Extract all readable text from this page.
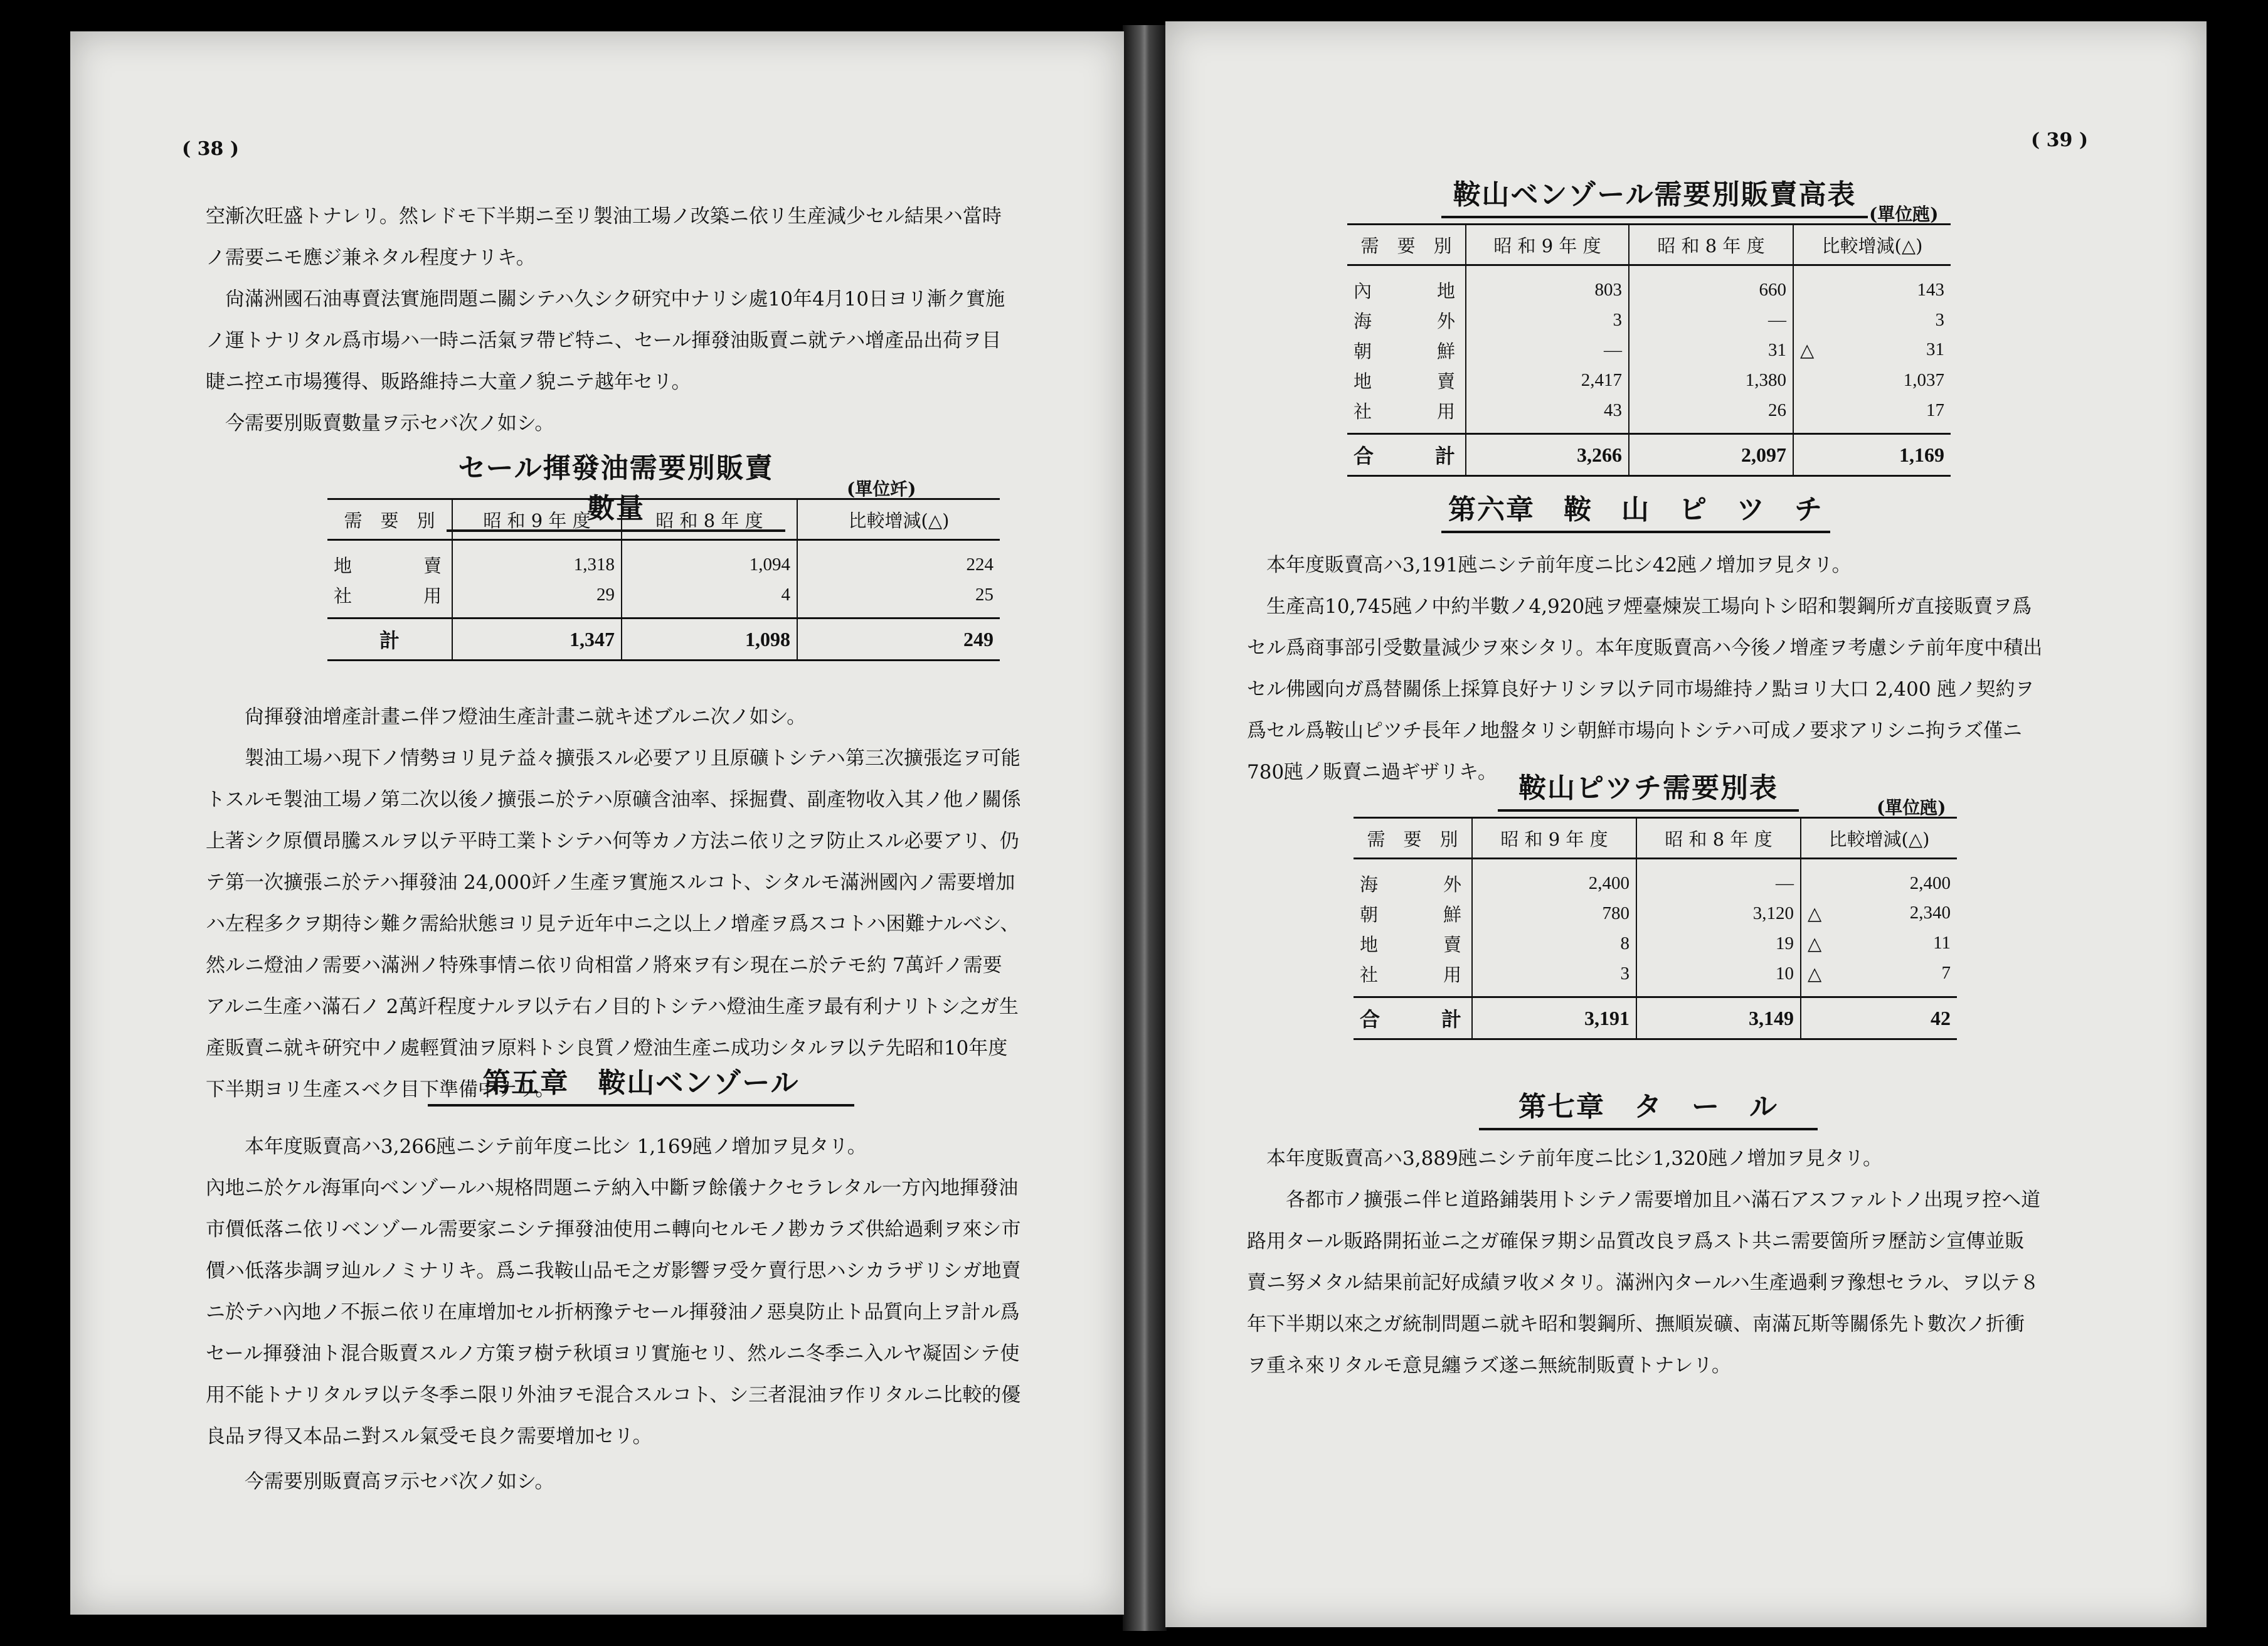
( 38 )

空漸次旺盛トナレリ。然レドモ下半期ニ至リ製油工場ノ改築ニ依リ生産減少セル結果ハ當時ノ需要ニモ應ジ兼ネタル程度ナリキ。

尙滿洲國石油專賣法實施問題ニ關シテハ久シク研究中ナリシ處10年4月10日ヨリ漸ク實施ノ運トナリタル爲市場ハ一時ニ活氣ヲ帶ビ特ニ、セール揮發油販賣ニ就テハ增產品出荷ヲ目睫ニ控エ市場獲得、販路維持ニ大童ノ貌ニテ越年セリ。

今需要別販賣數量ヲ示セバ次ノ如シ。

セール揮發油需要別販賣數量
(單位竏)
需　要　別	昭 和 9 年 度	昭 和 8 年 度	比較增減(△)
地　　賣	1,318	1,094	224
社　　用	29	4	25
計	1,347	1,098	249

尙揮發油增產計畫ニ伴フ燈油生產計畫ニ就キ述ブルニ次ノ如シ。

製油工場ハ現下ノ情勢ヨリ見テ益々擴張スル必要アリ且原礦トシテハ第三次擴張迄ヲ可能トスルモ製油工場ノ第二次以後ノ擴張ニ於テハ原礦含油率、採掘費、副產物收入其ノ他ノ關係上著シク原價昂騰スルヲ以テ平時工業トシテハ何等カノ方法ニ依リ之ヲ防止スル必要アリ、仍テ第一次擴張ニ於テハ揮發油 24,000竏ノ生產ヲ實施スルコト、シタルモ滿洲國內ノ需要增加ハ左程多クヲ期待シ難ク需給狀態ヨリ見テ近年中ニ之以上ノ增產ヲ爲スコトハ困難ナルベシ、然ルニ燈油ノ需要ハ滿洲ノ特殊事情ニ依リ尙相當ノ將來ヲ有シ現在ニ於テモ約 7萬竏ノ需要アルニ生產ハ滿石ノ 2萬竏程度ナルヲ以テ右ノ目的トシテハ燈油生產ヲ最有利ナリトシ之ガ生產販賣ニ就キ硏究中ノ處輕質油ヲ原料トシ良質ノ燈油生產ニ成功シタルヲ以テ先昭和10年度下半期ヨリ生產スベク目下準備中ナリ。

第五章　鞍山ベンゾール

本年度販賣高ハ3,266瓲ニシテ前年度ニ比シ 1,169瓲ノ增加ヲ見タリ。

內地ニ於ケル海軍向ベンゾールハ規格問題ニテ納入中斷ヲ餘儀ナクセラレタル一方內地揮發油市價低落ニ依リベンゾール需要家ニシテ揮發油使用ニ轉向セルモノ尠カラズ供給過剩ヲ來シ市價ハ低落歩調ヲ辿ルノミナリキ。爲ニ我鞍山品モ之ガ影響ヲ受ケ賣行思ハシカラザリシガ地賣ニ於テハ內地ノ不振ニ依リ在庫增加セル折柄豫テセール揮發油ノ惡臭防止ト品質向上ヲ計ル爲セール揮發油ト混合販賣スルノ方策ヲ樹テ秋頃ヨリ實施セリ、然ルニ冬季ニ入ルヤ凝固シテ使用不能トナリタルヲ以テ冬季ニ限リ外油ヲモ混合スルコト、シ三者混油ヲ作リタルニ比較的優良品ヲ得又本品ニ對スル氣受モ良ク需要增加セリ。

今需要別販賣高ヲ示セバ次ノ如シ。

( 39 )
鞍山ベンゾール需要別販賣高表
(單位瓲)
需　要　別	昭 和 9 年 度	昭 和 8 年 度	比較增減(△)
內　　地	803	660	143
海　　外	3	—	3
朝　　鮮	—	31	△ 31
地　　賣	2,417	1,380	1,037
社　　用	43	26	17
合　　計	3,266	2,097	1,169
第六章　鞍　山　ピ　ツ　チ

本年度販賣高ハ3,191瓲ニシテ前年度ニ比シ42瓲ノ增加ヲ見タリ。

生產高10,745瓲ノ中約半數ノ4,920瓲ヲ煙臺煉炭工場向トシ昭和製鋼所ガ直接販賣ヲ爲セル爲商事部引受數量減少ヲ來シタリ。本年度販賣高ハ今後ノ增產ヲ考慮シテ前年度中積出セル佛國向ガ爲替關係上採算良好ナリシヲ以テ同市場維持ノ點ヨリ大口 2,400 瓲ノ契約ヲ爲セル爲鞍山ピツチ長年ノ地盤タリシ朝鮮市場向トシテハ可成ノ要求アリシニ拘ラズ僅ニ 780瓲ノ販賣ニ過ギザリキ。 鞍山ピツチ需要別表
(單位瓲)
需　要　別	昭 和 9 年 度	昭 和 8 年 度	比較增減(△)
海　　外	2,400	—	2,400
朝　　鮮	780	3,120	△ 2,340
地　　賣	8	19	△ 11
社　　用	3	10	△ 7
合　　計	3,191	3,149	42
第七章　タ　ー　ル

本年度販賣高ハ3,889瓲ニシテ前年度ニ比シ1,320瓲ノ增加ヲ見タリ。

各都市ノ擴張ニ伴ヒ道路鋪裝用トシテノ需要增加且ハ滿石アスファルトノ出現ヲ控ヘ道路用タール販路開拓並ニ之ガ確保ヲ期シ品質改良ヲ爲スト共ニ需要箇所ヲ歷訪シ宣傳並販賣ニ努メタル結果前記好成績ヲ收メタリ。滿洲內タールハ生產過剩ヲ豫想セラル、ヲ以テ８年下半期以來之ガ統制問題ニ就キ昭和製鋼所、撫順炭礦、南滿瓦斯等關係先ト數次ノ折衝ヲ重ネ來リタルモ意見纏ラズ遂ニ無統制販賣トナレリ。
